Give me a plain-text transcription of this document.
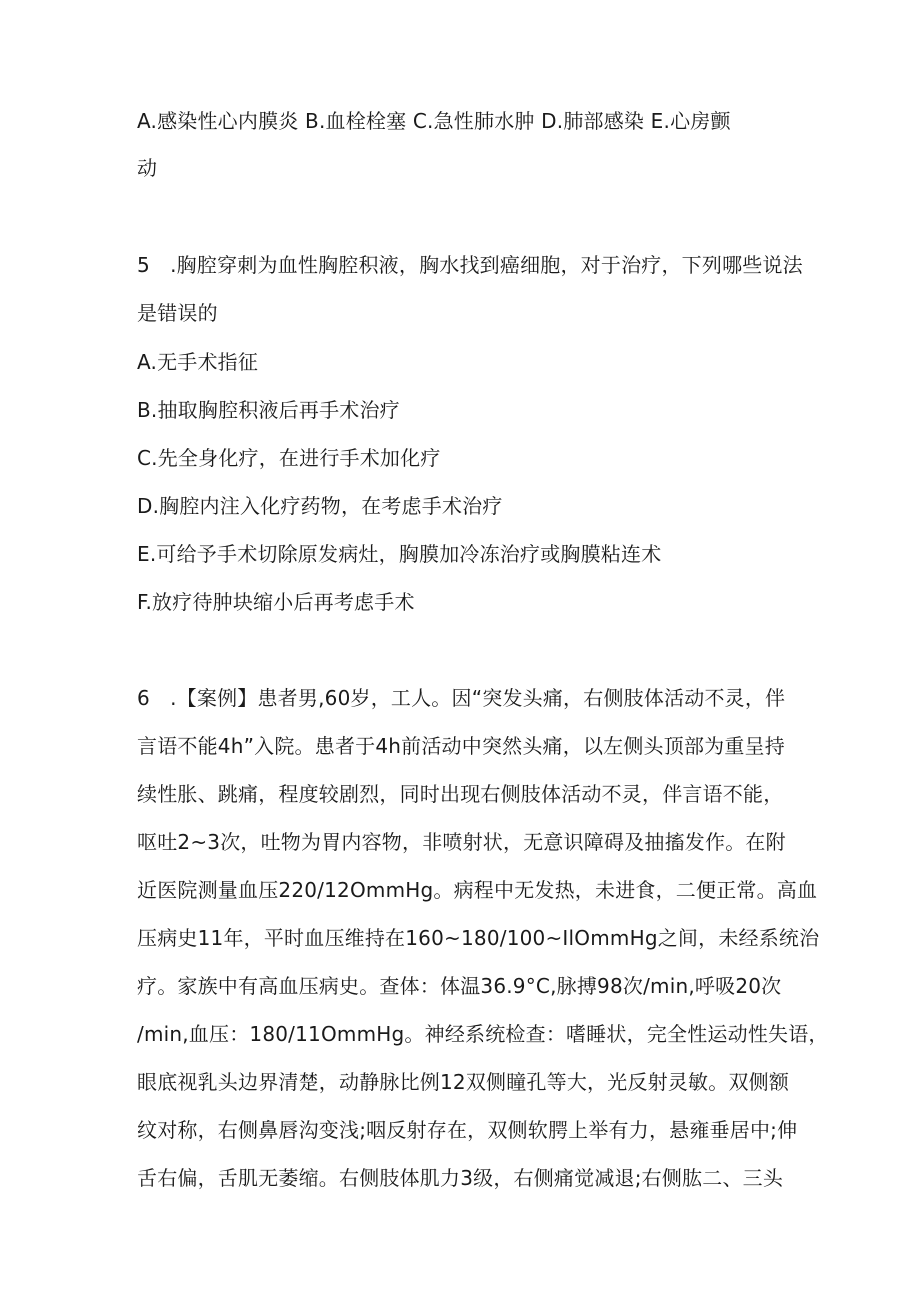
A.感染性心内膜炎 B.血栓栓塞 C.急性肺水肿 D.肺部感染 E.心房颤
动
5　.胸腔穿刺为血性胸腔积液，胸水找到癌细胞，对于治疗，下列哪些说法
是错误的
A.无手术指征
B.抽取胸腔积液后再手术治疗
C.先全身化疗，在进行手术加化疗
D.胸腔内注入化疗药物，在考虑手术治疗
E.可给予手术切除原发病灶，胸膜加冷冻治疗或胸膜粘连术
F.放疗待肿块缩小后再考虑手术
6　.【案例】患者男,60岁，工人。因“突发头痛，右侧肢体活动不灵，伴
言语不能4h”入院。患者于4h前活动中突然头痛，以左侧头顶部为重呈持
续性胀、跳痛，程度较剧烈，同时出现右侧肢体活动不灵，伴言语不能，
呕吐2~3次，吐物为胃内容物，非喷射状，无意识障碍及抽搐发作。在附
近医院测量血压220/12OmmHg。病程中无发热，未进食，二便正常。高血
压病史11年，平时血压维持在160~180/100~IlOmmHg之间，未经系统治
疗。家族中有高血压病史。查体：体温36.9°C,脉搏98次/min,呼吸20次
/min,血压：180/11OmmHg。神经系统检查：嗜睡状，完全性运动性失语，
眼底视乳头边界清楚，动静脉比例12双侧瞳孔等大，光反射灵敏。双侧额
纹对称，右侧鼻唇沟变浅;咽反射存在，双侧软腭上举有力，悬雍垂居中;伸
舌右偏，舌肌无萎缩。右侧肢体肌力3级，右侧痛觉减退;右侧肱二、三头
